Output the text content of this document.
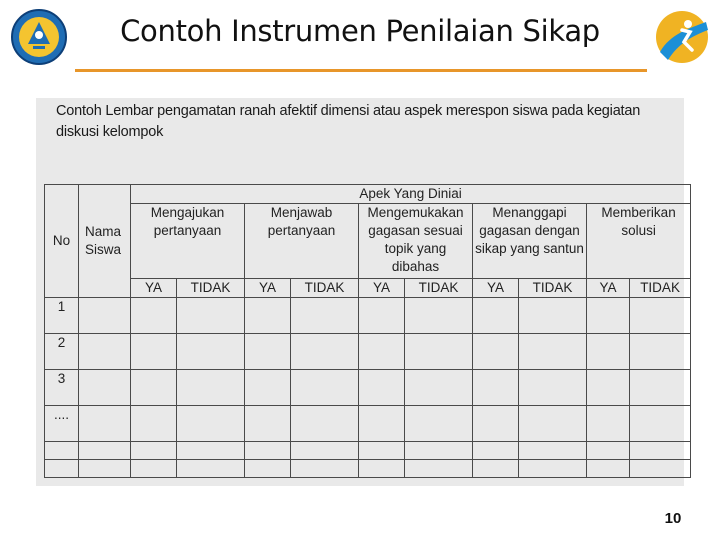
Contoh Instrumen Penilaian Sikap
Contoh Lembar pengamatan ranah afektif dimensi atau aspek merespon siswa pada kegiatan diskusi kelompok
No	Nama Siswa	Apek Yang Diniai									
		Mengajukan pertanyaan		Menjawab pertanyaan		Mengemukakan gagasan sesuai topik yang dibahas		Menanggapi gagasan dengan sikap yang santun		Memberikan solusi	
		YA	TIDAK	YA	TIDAK	YA	TIDAK	YA	TIDAK	YA	TIDAK
1											
2											
3											
....											

10
